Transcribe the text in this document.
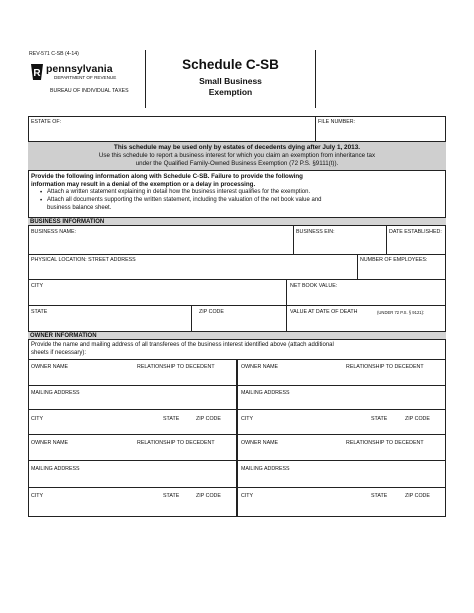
REV-571 C-SB (4-14)
R pennsylvania
DEPARTMENT OF REVENUE
BUREAU OF INDIVIDUAL TAXES
Schedule C-SB
Small Business
Exemption
ESTATE OF:	FILE NUMBER:
This schedule may be used only by estates of decedents dying after July 1, 2013.
Use this schedule to report a business interest for which you claim an exemption from inheritance tax
under the Qualified Family-Owned Business Exemption (72 P.S. §9111(t)).
Provide the following information along with Schedule C-SB. Failure to provide the following
information may result in a denial of the exemption or a delay in processing.
• Attach a written statement explaining in detail how the business interest qualifies for the exemption.
• Attach all documents supporting the written statement, including the valuation of the net book value and
business balance sheet.
BUSINESS INFORMATION
BUSINESS NAME:	BUSINESS EIN:	DATE ESTABLISHED:
PHYSICAL LOCATION: STREET ADDRESS	NUMBER OF EMPLOYEES:
CITY	NET BOOK VALUE:
STATE	ZIP CODE	VALUE AT DATE OF DEATH	(UNDER 72 P.S. § 9121):
OWNER INFORMATION
Provide the name and mailing address of all transferees of the business interest identified above (attach additional
sheets if necessary):
OWNER NAME	RELATIONSHIP TO DECEDENT
MAILING ADDRESS
CITY	STATE	ZIP CODE
OWNER NAME	RELATIONSHIP TO DECEDENT
MAILING ADDRESS
CITY	STATE	ZIP CODE
OWNER NAME	RELATIONSHIP TO DECEDENT
MAILING ADDRESS
CITY	STATE	ZIP CODE
OWNER NAME	RELATIONSHIP TO DECEDENT
MAILING ADDRESS
CITY	STATE	ZIP CODE
